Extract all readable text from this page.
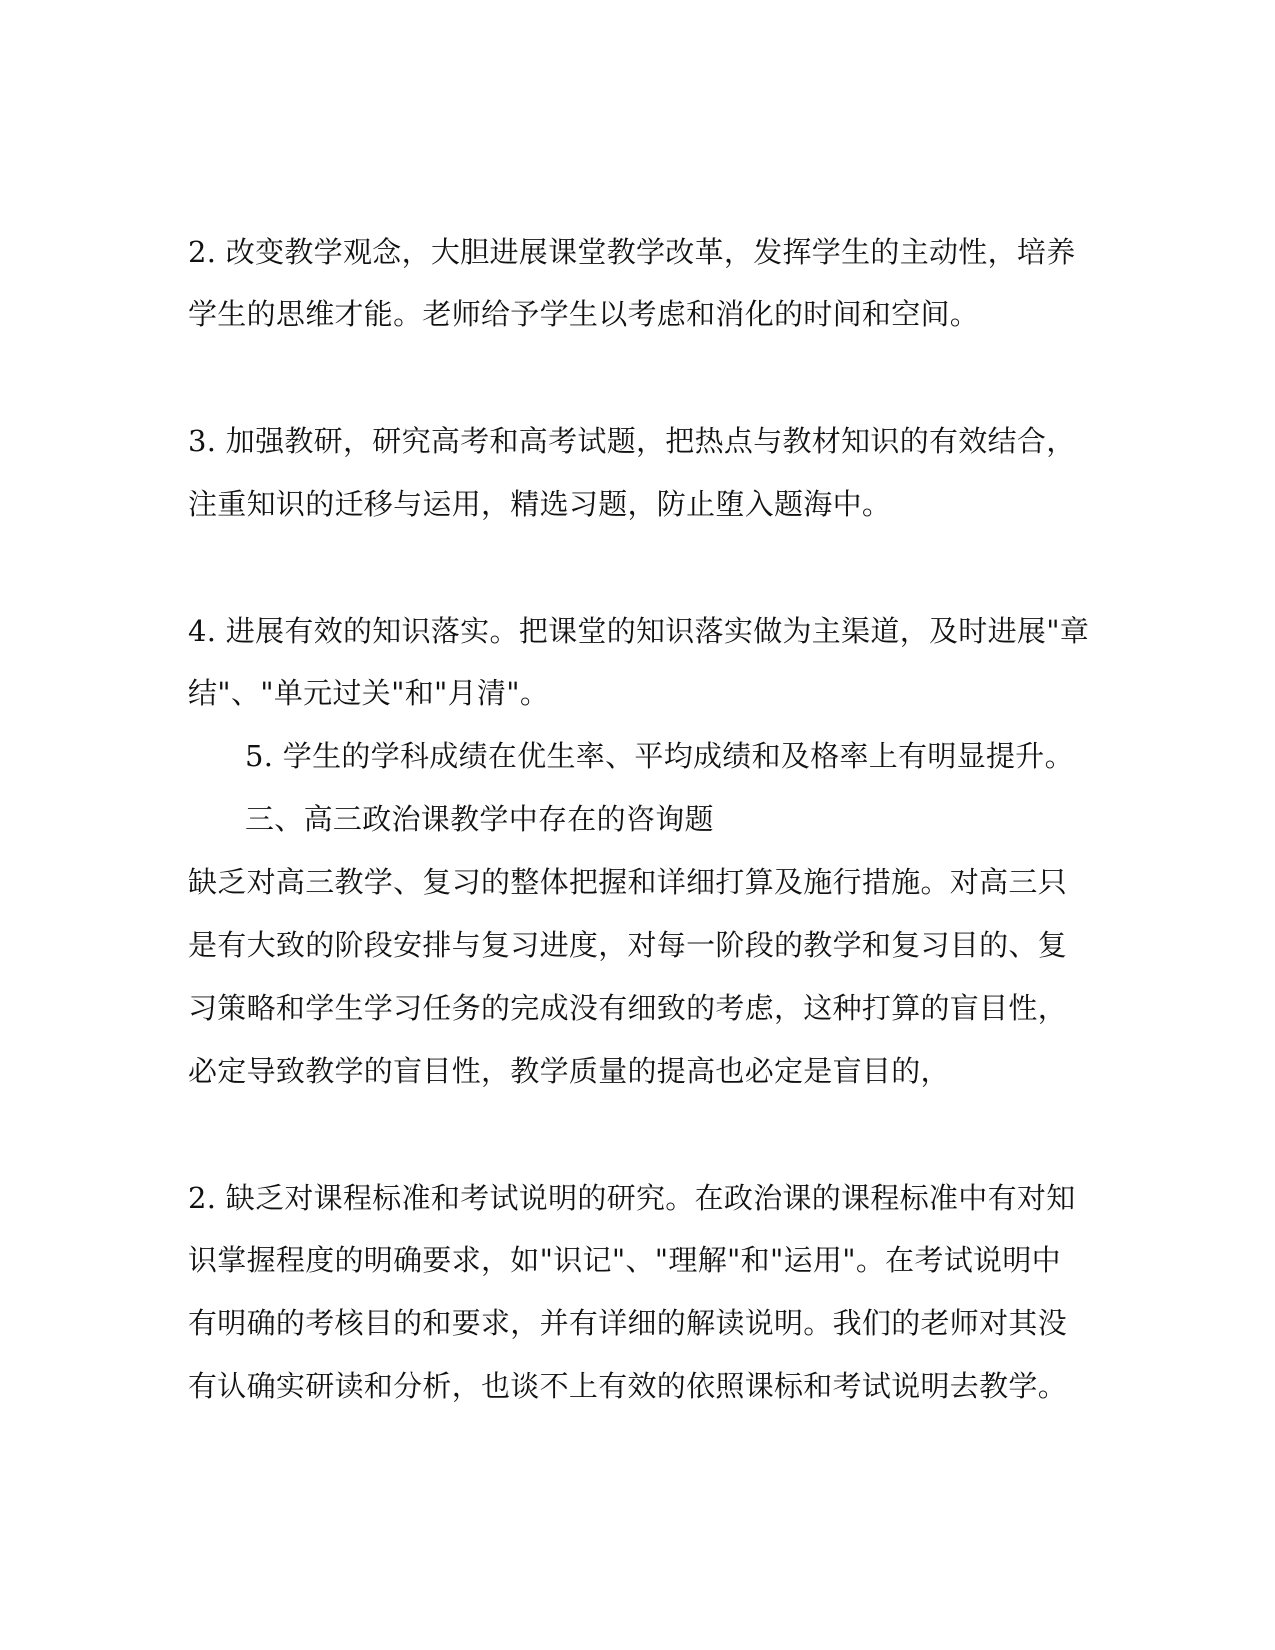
2. 改变教学观念，大胆进展课堂教学改革，发挥学生的主动性，培养
学生的思维才能。老师给予学生以考虑和消化的时间和空间。
3. 加强教研，研究高考和高考试题，把热点与教材知识的有效结合，
注重知识的迁移与运用，精选习题，防止堕入题海中。
4. 进展有效的知识落实。把课堂的知识落实做为主渠道，及时进展"章
结"、"单元过关"和"月清"。
5. 学生的学科成绩在优生率、平均成绩和及格率上有明显提升。
三、高三政治课教学中存在的咨询题
缺乏对高三教学、复习的整体把握和详细打算及施行措施。对高三只
是有大致的阶段安排与复习进度，对每一阶段的教学和复习目的、复
习策略和学生学习任务的完成没有细致的考虑，这种打算的盲目性，
必定导致教学的盲目性，教学质量的提高也必定是盲目的，
2. 缺乏对课程标准和考试说明的研究。在政治课的课程标准中有对知
识掌握程度的明确要求，如"识记"、"理解"和"运用"。在考试说明中
有明确的考核目的和要求，并有详细的解读说明。我们的老师对其没
有认确实研读和分析，也谈不上有效的依照课标和考试说明去教学。
